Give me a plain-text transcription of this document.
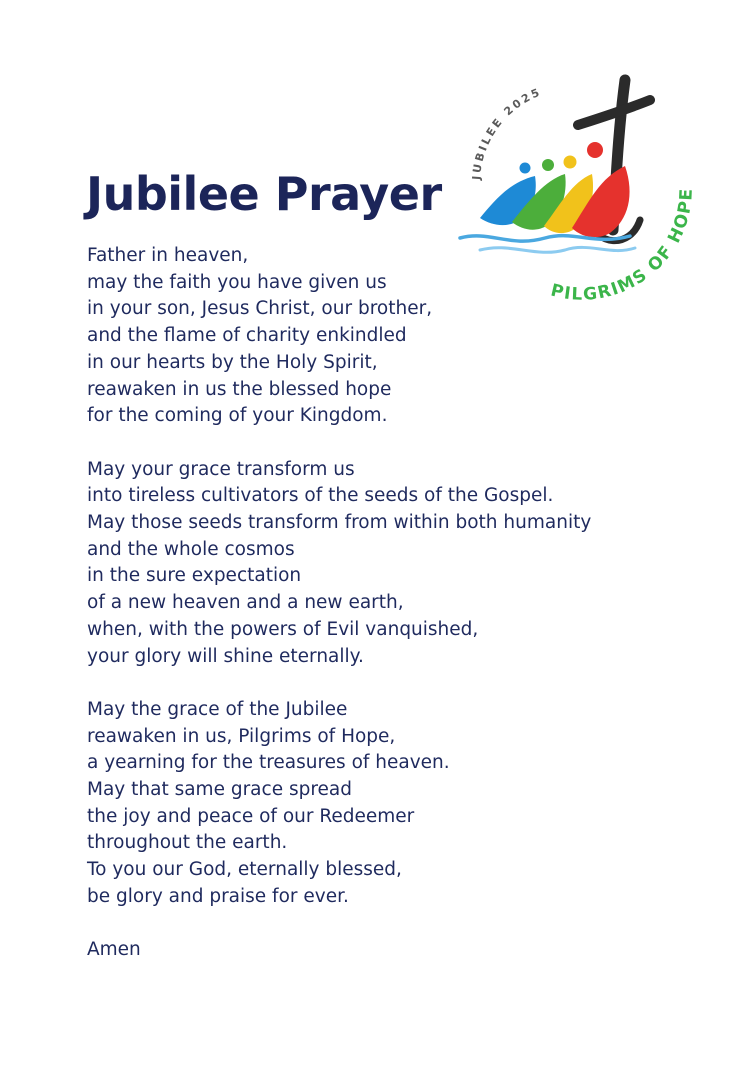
JUBILEE 2025
PILGRIMS OF HOPE
Jubilee Prayer

Father in heaven,
may the faith you have given us
in your son, Jesus Christ, our brother,
and the flame of charity enkindled
in our hearts by the Holy Spirit,
reawaken in us the blessed hope
for the coming of your Kingdom.

May your grace transform us
into tireless cultivators of the seeds of the Gospel.
May those seeds transform from within both humanity
and the whole cosmos
in the sure expectation
of a new heaven and a new earth,
when, with the powers of Evil vanquished,
your glory will shine eternally.

May the grace of the Jubilee
reawaken in us, Pilgrims of Hope,
a yearning for the treasures of heaven.
May that same grace spread
the joy and peace of our Redeemer
throughout the earth.
To you our God, eternally blessed,
be glory and praise for ever.

Amen
